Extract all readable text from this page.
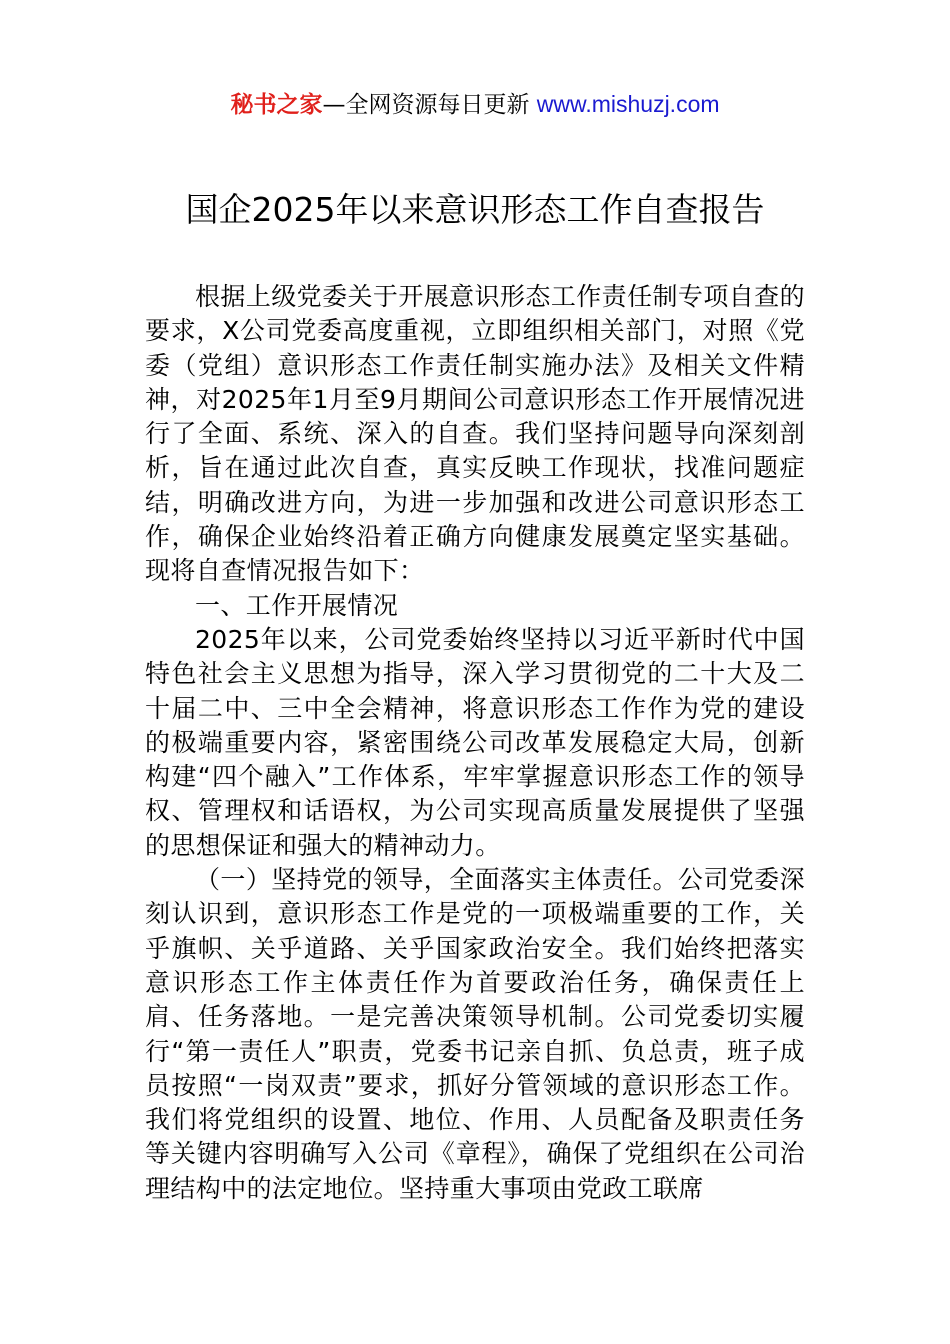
秘书之家—全网资源每日更新 www.mishuzj.com
国企2025年以来意识形态工作自查报告

根据上级党委关于开展意识形态工作责任制专项自查的要求，X公司党委高度重视，立即组织相关部门，对照《党委（党组）意识形态工作责任制实施办法》及相关文件精神，对2025年1月至9月期间公司意识形态工作开展情况进行了全面、系统、深入的自查。我们坚持问题导向深刻剖析，旨在通过此次自查，真实反映工作现状，找准问题症结，明确改进方向，为进一步加强和改进公司意识形态工作，确保企业始终沿着正确方向健康发展奠定坚实基础。现将自查情况报告如下：

一、工作开展情况

2025年以来，公司党委始终坚持以习近平新时代中国特色社会主义思想为指导，深入学习贯彻党的二十大及二十届二中、三中全会精神，将意识形态工作作为党的建设的极端重要内容，紧密围绕公司改革发展稳定大局，创新构建“四个融入”工作体系，牢牢掌握意识形态工作的领导权、管理权和话语权，为公司实现高质量发展提供了坚强的思想保证和强大的精神动力。

（一）坚持党的领导，全面落实主体责任。公司党委深刻认识到，意识形态工作是党的一项极端重要的工作，关乎旗帜、关乎道路、关乎国家政治安全。我们始终把落实意识形态工作主体责任作为首要政治任务，确保责任上肩、任务落地。一是完善决策领导机制。公司党委切实履行“第一责任人”职责，党委书记亲自抓、负总责，班子成员按照“一岗双责”要求，抓好分管领域的意识形态工作。我们将党组织的设置、地位、作用、人员配备及职责任务等关键内容明确写入公司《章程》，确保了党组织在公司治理结构中的法定地位。坚持重大事项由党政工联席
